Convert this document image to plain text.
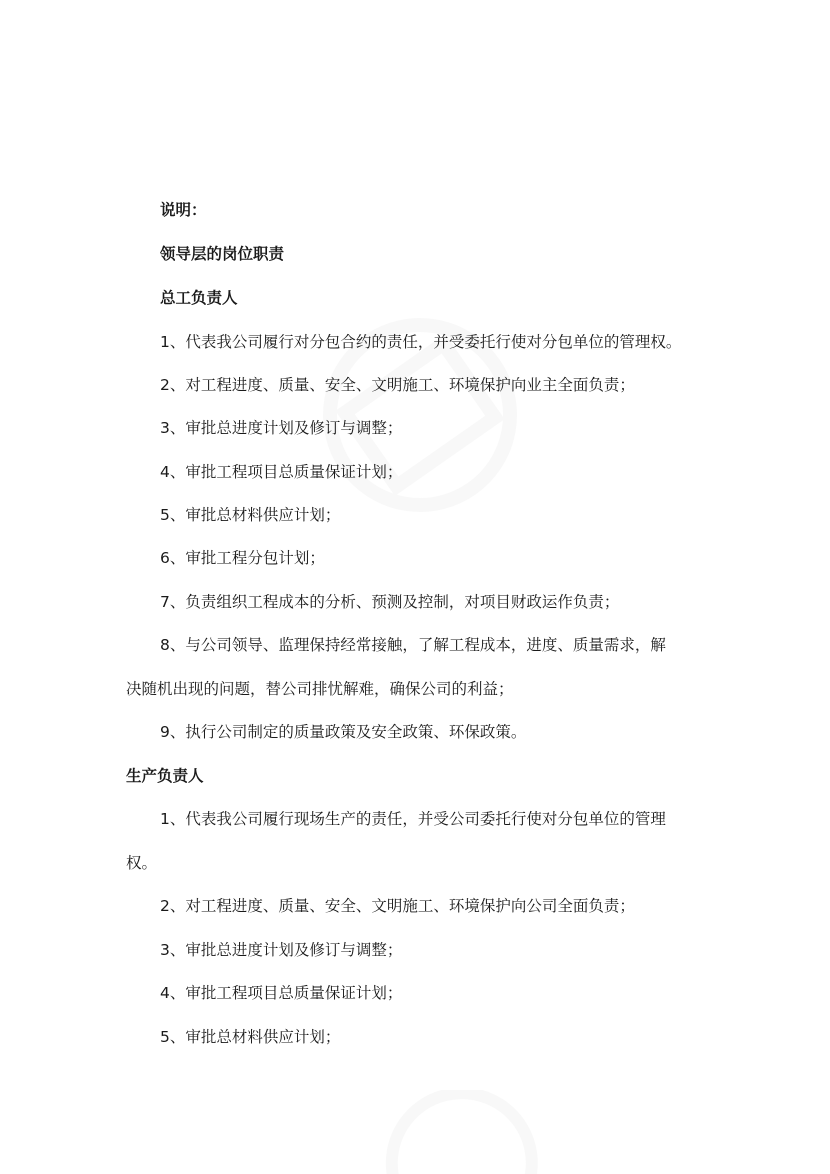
说明：

领导层的岗位职责

总工负责人

1、代表我公司履行对分包合约的责任，并受委托行使对分包单位的管理权。

2、对工程进度、质量、安全、文明施工、环境保护向业主全面负责；

3、审批总进度计划及修订与调整；

4、审批工程项目总质量保证计划；

5、审批总材料供应计划；

6、审批工程分包计划；

7、负责组织工程成本的分析、预测及控制，对项目财政运作负责；

8、与公司领导、监理保持经常接触，了解工程成本，进度、质量需求，解

决随机出现的问题，替公司排忧解难，确保公司的利益；

9、执行公司制定的质量政策及安全政策、环保政策。

生产负责人

1、代表我公司履行现场生产的责任，并受公司委托行使对分包单位的管理

权。

2、对工程进度、质量、安全、文明施工、环境保护向公司全面负责；

3、审批总进度计划及修订与调整；

4、审批工程项目总质量保证计划；

5、审批总材料供应计划；
